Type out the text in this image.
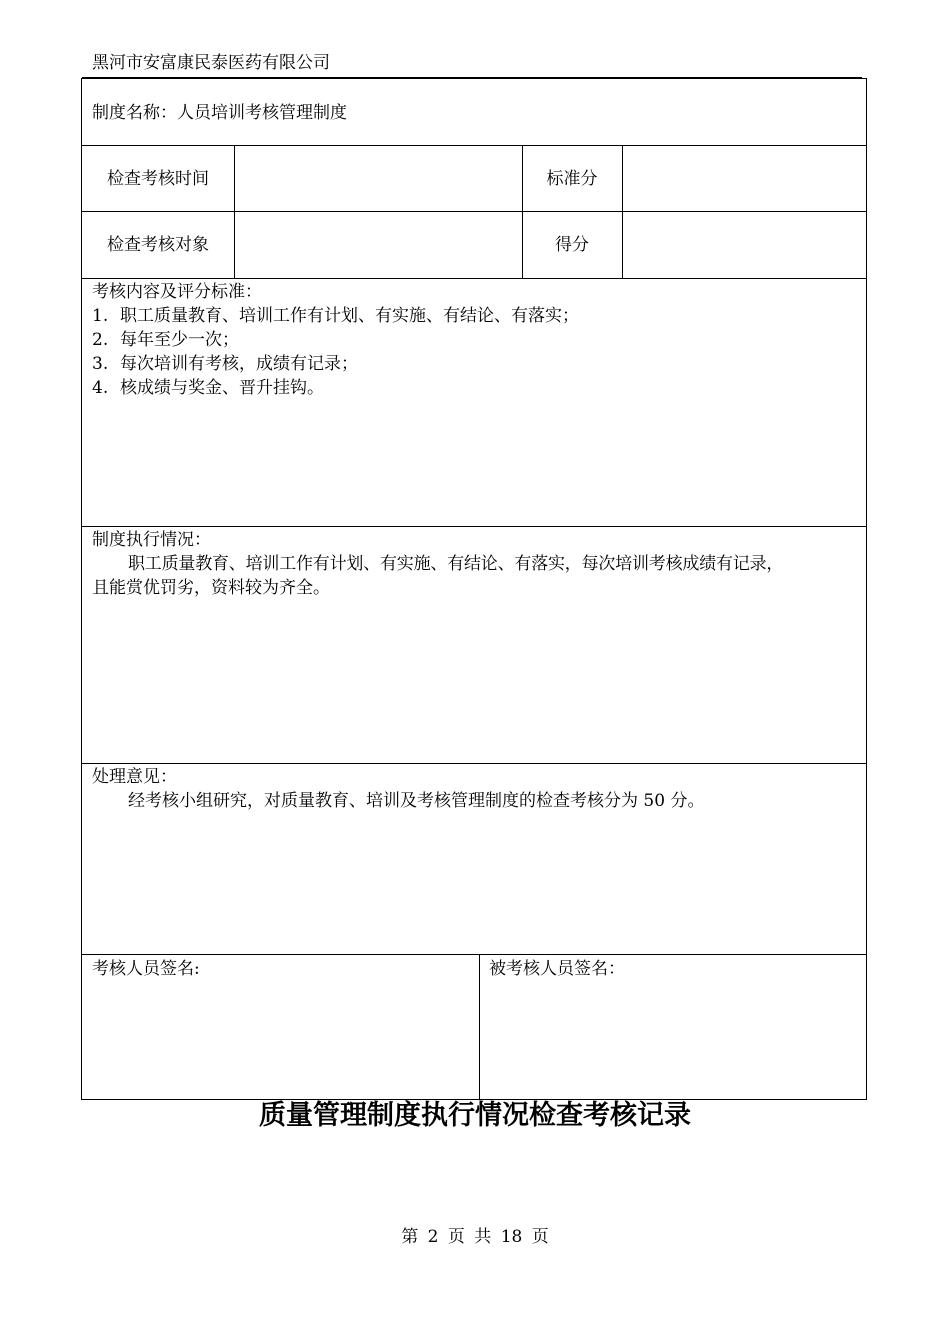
黑河市安富康民泰医药有限公司
制度名称：人员培训考核管理制度
检查考核时间	标准分
检查考核对象	得分
考核内容及评分标准：
1. 职工质量教育、培训工作有计划、有实施、有结论、有落实；
2. 每年至少一次；
3. 每次培训有考核，成绩有记录；
4. 核成绩与奖金、晋升挂钩。
制度执行情况：
职工质量教育、培训工作有计划、有实施、有结论、有落实，每次培训考核成绩有记录，
且能赏优罚劣，资料较为齐全。
处理意见：
经考核小组研究，对质量教育、培训及考核管理制度的检查考核分为 50 分。
考核人员签名:	被考核人员签名：
质量管理制度执行情况检查考核记录
第 2 页 共 18 页
